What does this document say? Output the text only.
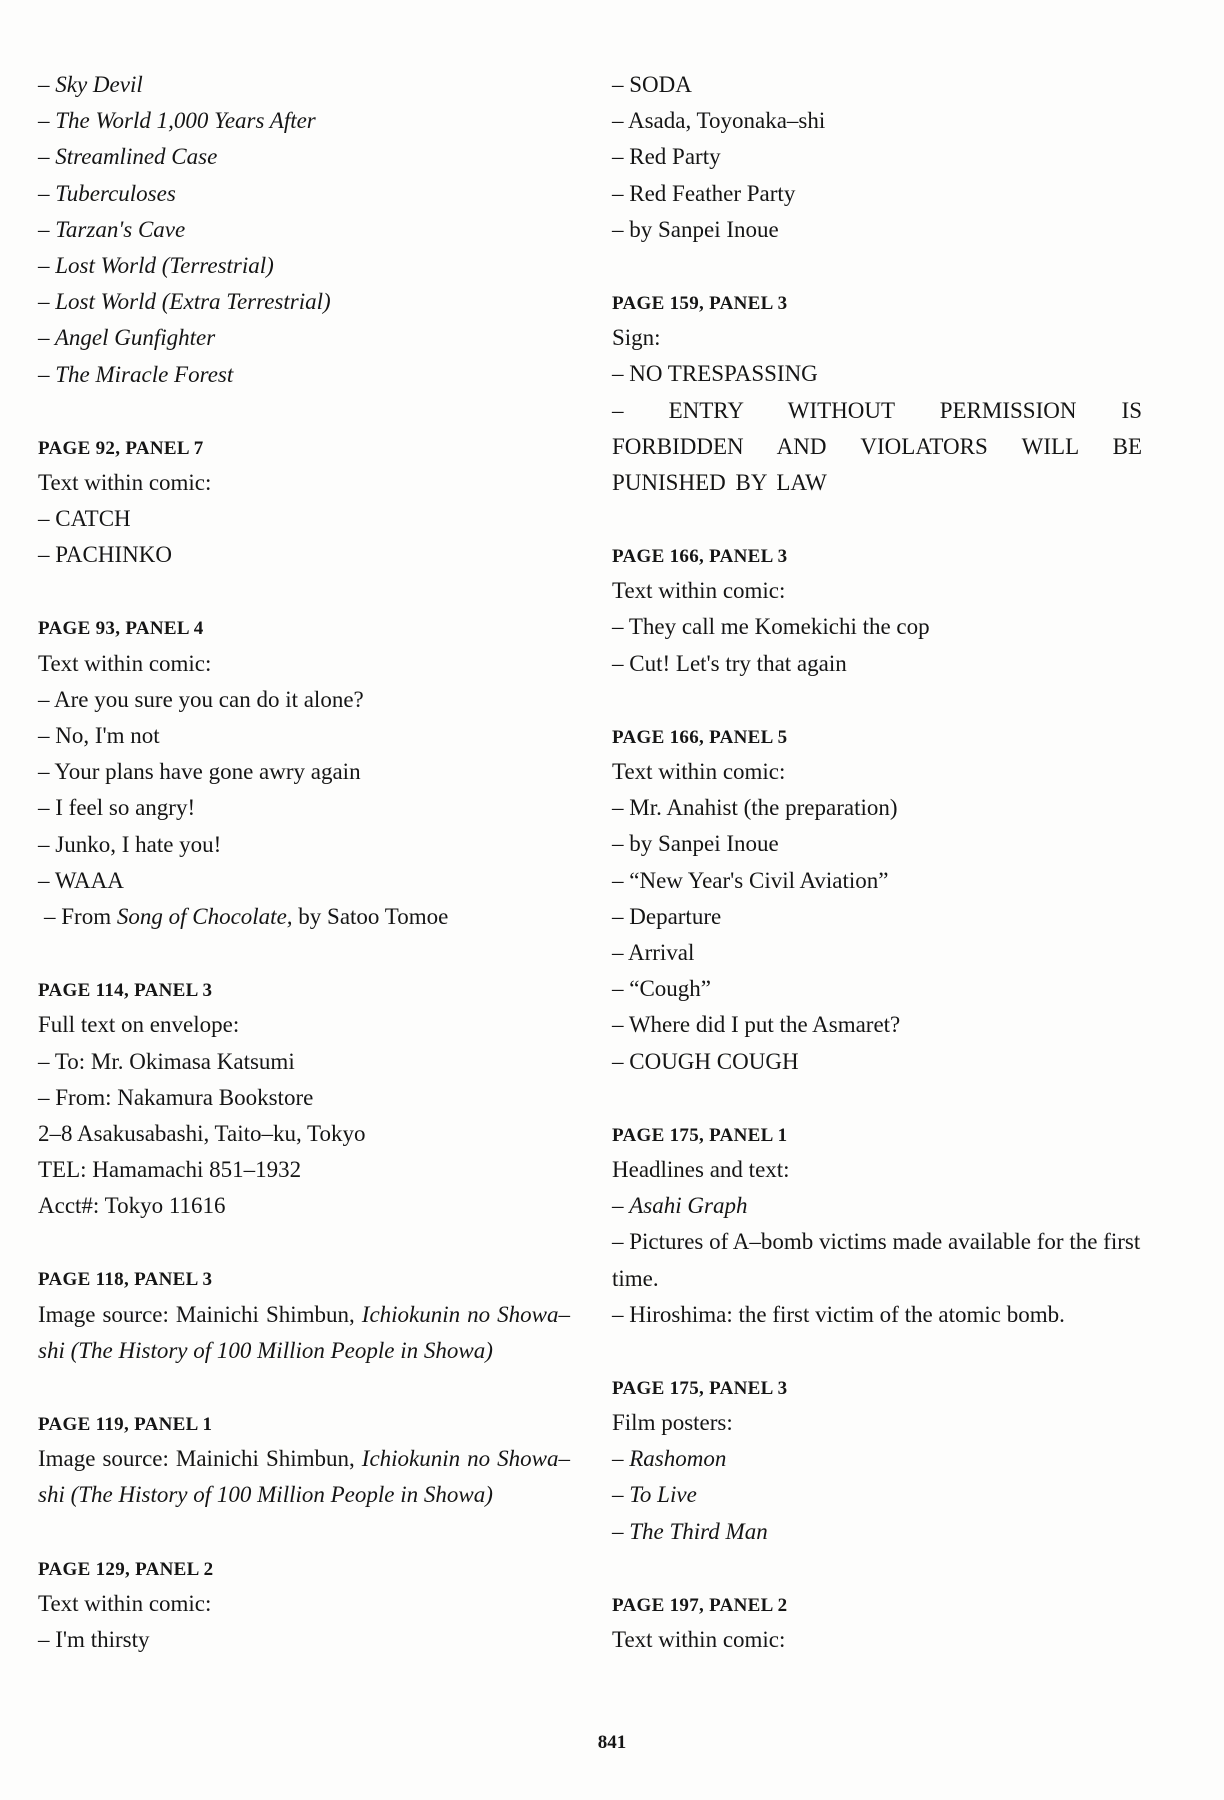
– Sky Devil
– The World 1,000 Years After
– Streamlined Case
– Tuberculoses
– Tarzan's Cave
– Lost World (Terrestrial)
– Lost World (Extra Terrestrial)
– Angel Gunfighter
– The Miracle Forest
PAGE 92, PANEL 7
Text within comic:
– CATCH
– PACHINKO
PAGE 93, PANEL 4
Text within comic:
– Are you sure you can do it alone?
– No, I'm not
– Your plans have gone awry again
– I feel so angry!
– Junko, I hate you!
– WAAA
– From Song of Chocolate, by Satoo Tomoe
PAGE 114, PANEL 3
Full text on envelope:
– To: Mr. Okimasa Katsumi
– From: Nakamura Bookstore
2–8 Asakusabashi, Taito–ku, Tokyo
TEL: Hamamachi 851–1932
Acct#: Tokyo 11616
PAGE 118, PANEL 3
Image source: Mainichi Shimbun, Ichiokunin no Showa–shi (The History of 100 Million People in Showa)
PAGE 119, PANEL 1
Image source: Mainichi Shimbun, Ichiokunin no Showa–shi (The History of 100 Million People in Showa)
PAGE 129, PANEL 2
Text within comic:
– I'm thirsty
– SODA
– Asada, Toyonaka–shi
– Red Party
– Red Feather Party
– by Sanpei Inoue
PAGE 159, PANEL 3
Sign:
– NO TRESPASSING
– ENTRY WITHOUT PERMISSION IS FORBIDDEN AND VIOLATORS WILL BE PUNISHED BY LAW
PAGE 166, PANEL 3
Text within comic:
– They call me Komekichi the cop
– Cut! Let's try that again
PAGE 166, PANEL 5
Text within comic:
– Mr. Anahist (the preparation)
– by Sanpei Inoue
– “New Year's Civil Aviation”
– Departure
– Arrival
– “Cough”
– Where did I put the Asmaret?
– COUGH COUGH
PAGE 175, PANEL 1
Headlines and text:
– Asahi Graph
– Pictures of A–bomb victims made available for the first time.
– Hiroshima: the first victim of the atomic bomb.
PAGE 175, PANEL 3
Film posters:
– Rashomon
– To Live
– The Third Man
PAGE 197, PANEL 2
Text within comic:
841
